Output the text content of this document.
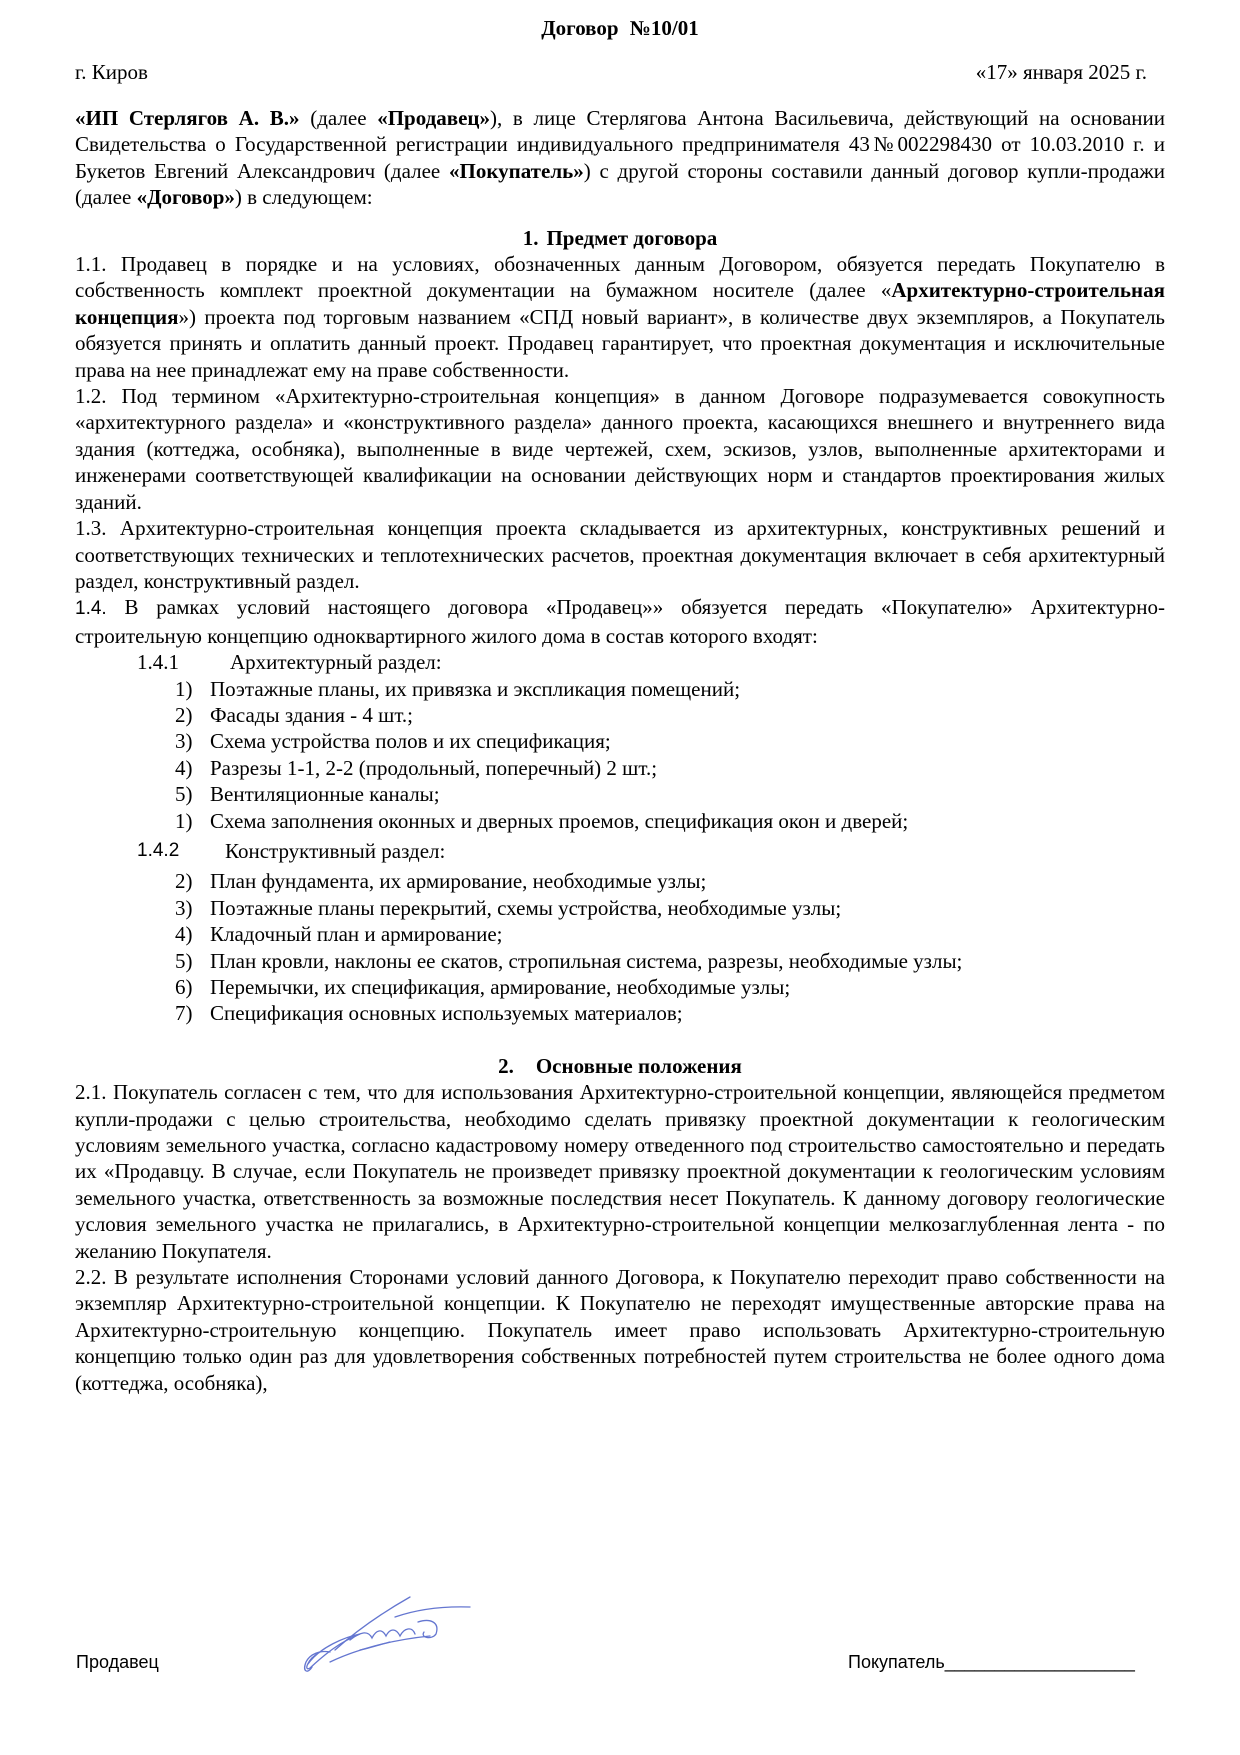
Договор №10/01
г. Киров	«17» января 2025 г.

«ИП Стерлягов А. В.» (далее «Продавец»), в лице Стерлягова Антона Васильевича, действующий на основании Свидетельства о Государственной регистрации индивидуального предпринимателя 43№002298430 от 10.03.2010 г. и Букетов Евгений Александрович (далее «Покупатель») с другой стороны составили данный договор купли-продажи (далее «Договор») в следующем:

1. Предмет договора

1.1. Продавец в порядке и на условиях, обозначенных данным Договором, обязуется передать Покупателю в собственность комплект проектной документации на бумажном носителе (далее «Архитектурно-строительная концепция») проекта под торговым названием «СПД новый вариант», в количестве двух экземпляров, а Покупатель обязуется принять и оплатить данный проект. Продавец гарантирует, что проектная документация и исключительные права на нее принадлежат ему на праве собственности.

1.2. Под термином «Архитектурно-строительная концепция» в данном Договоре подразумевается совокупность «архитектурного раздела» и «конструктивного раздела» данного проекта, касающихся внешнего и внутреннего вида здания (коттеджа, особняка), выполненные в виде чертежей, схем, эскизов, узлов, выполненные архитекторами и инженерами соответствующей квалификации на основании действующих норм и стандартов проектирования жилых зданий.

1.3. Архитектурно-строительная концепция проекта складывается из архитектурных, конструктивных решений и соответствующих технических и теплотехнических расчетов, проектная документация включает в себя архитектурный раздел, конструктивный раздел.

1.4. В рамках условий настоящего договора «Продавец»» обязуется передать «Покупателю» Архитектурно-строительную концепцию одноквартирного жилого дома в состав которого входят:

1.4.1	Архитектурный раздел:
1) Поэтажные планы, их привязка и экспликация помещений;
2) Фасады здания - 4 шт.;
3) Схема устройства полов и их спецификация;
4) Разрезы 1-1, 2-2 (продольный, поперечный) 2 шт.;
5) Вентиляционные каналы;
1) Схема заполнения оконных и дверных проемов, спецификация окон и дверей;
1.4.2	Конструктивный раздел:
2) План фундамента, их армирование, необходимые узлы;
3) Поэтажные планы перекрытий, схемы устройства, необходимые узлы;
4) Кладочный план и армирование;
5) План кровли, наклоны ее скатов, стропильная система, разрезы, необходимые узлы;
6) Перемычки, их спецификация, армирование, необходимые узлы;
7) Спецификация основных используемых материалов;
2. Основные положения

2.1. Покупатель согласен с тем, что для использования Архитектурно-строительной концепции, являющейся предметом купли-продажи с целью строительства, необходимо сделать привязку проектной документации к геологическим условиям земельного участка, согласно кадастровому номеру отведенного под строительство самостоятельно и передать их «Продавцу. В случае, если Покупатель не произведет привязку проектной документации к геологическим условиям земельного участка, ответственность за возможные последствия несет Покупатель. К данному договору геологические условия земельного участка не прилагались, в Архитектурно-строительной концепции мелкозаглубленная лента - по желанию Покупателя.

2.2. В результате исполнения Сторонами условий данного Договора, к Покупателю переходит право собственности на экземпляр Архитектурно-строительной концепции. К Покупателю не переходят имущественные авторские права на Архитектурно-строительную концепцию. Покупатель имеет право использовать Архитектурно-строительную концепцию только один раз для удовлетворения собственных потребностей путем строительства не более одного дома (коттеджа, особняка),

Продавец	Покупатель___________________
